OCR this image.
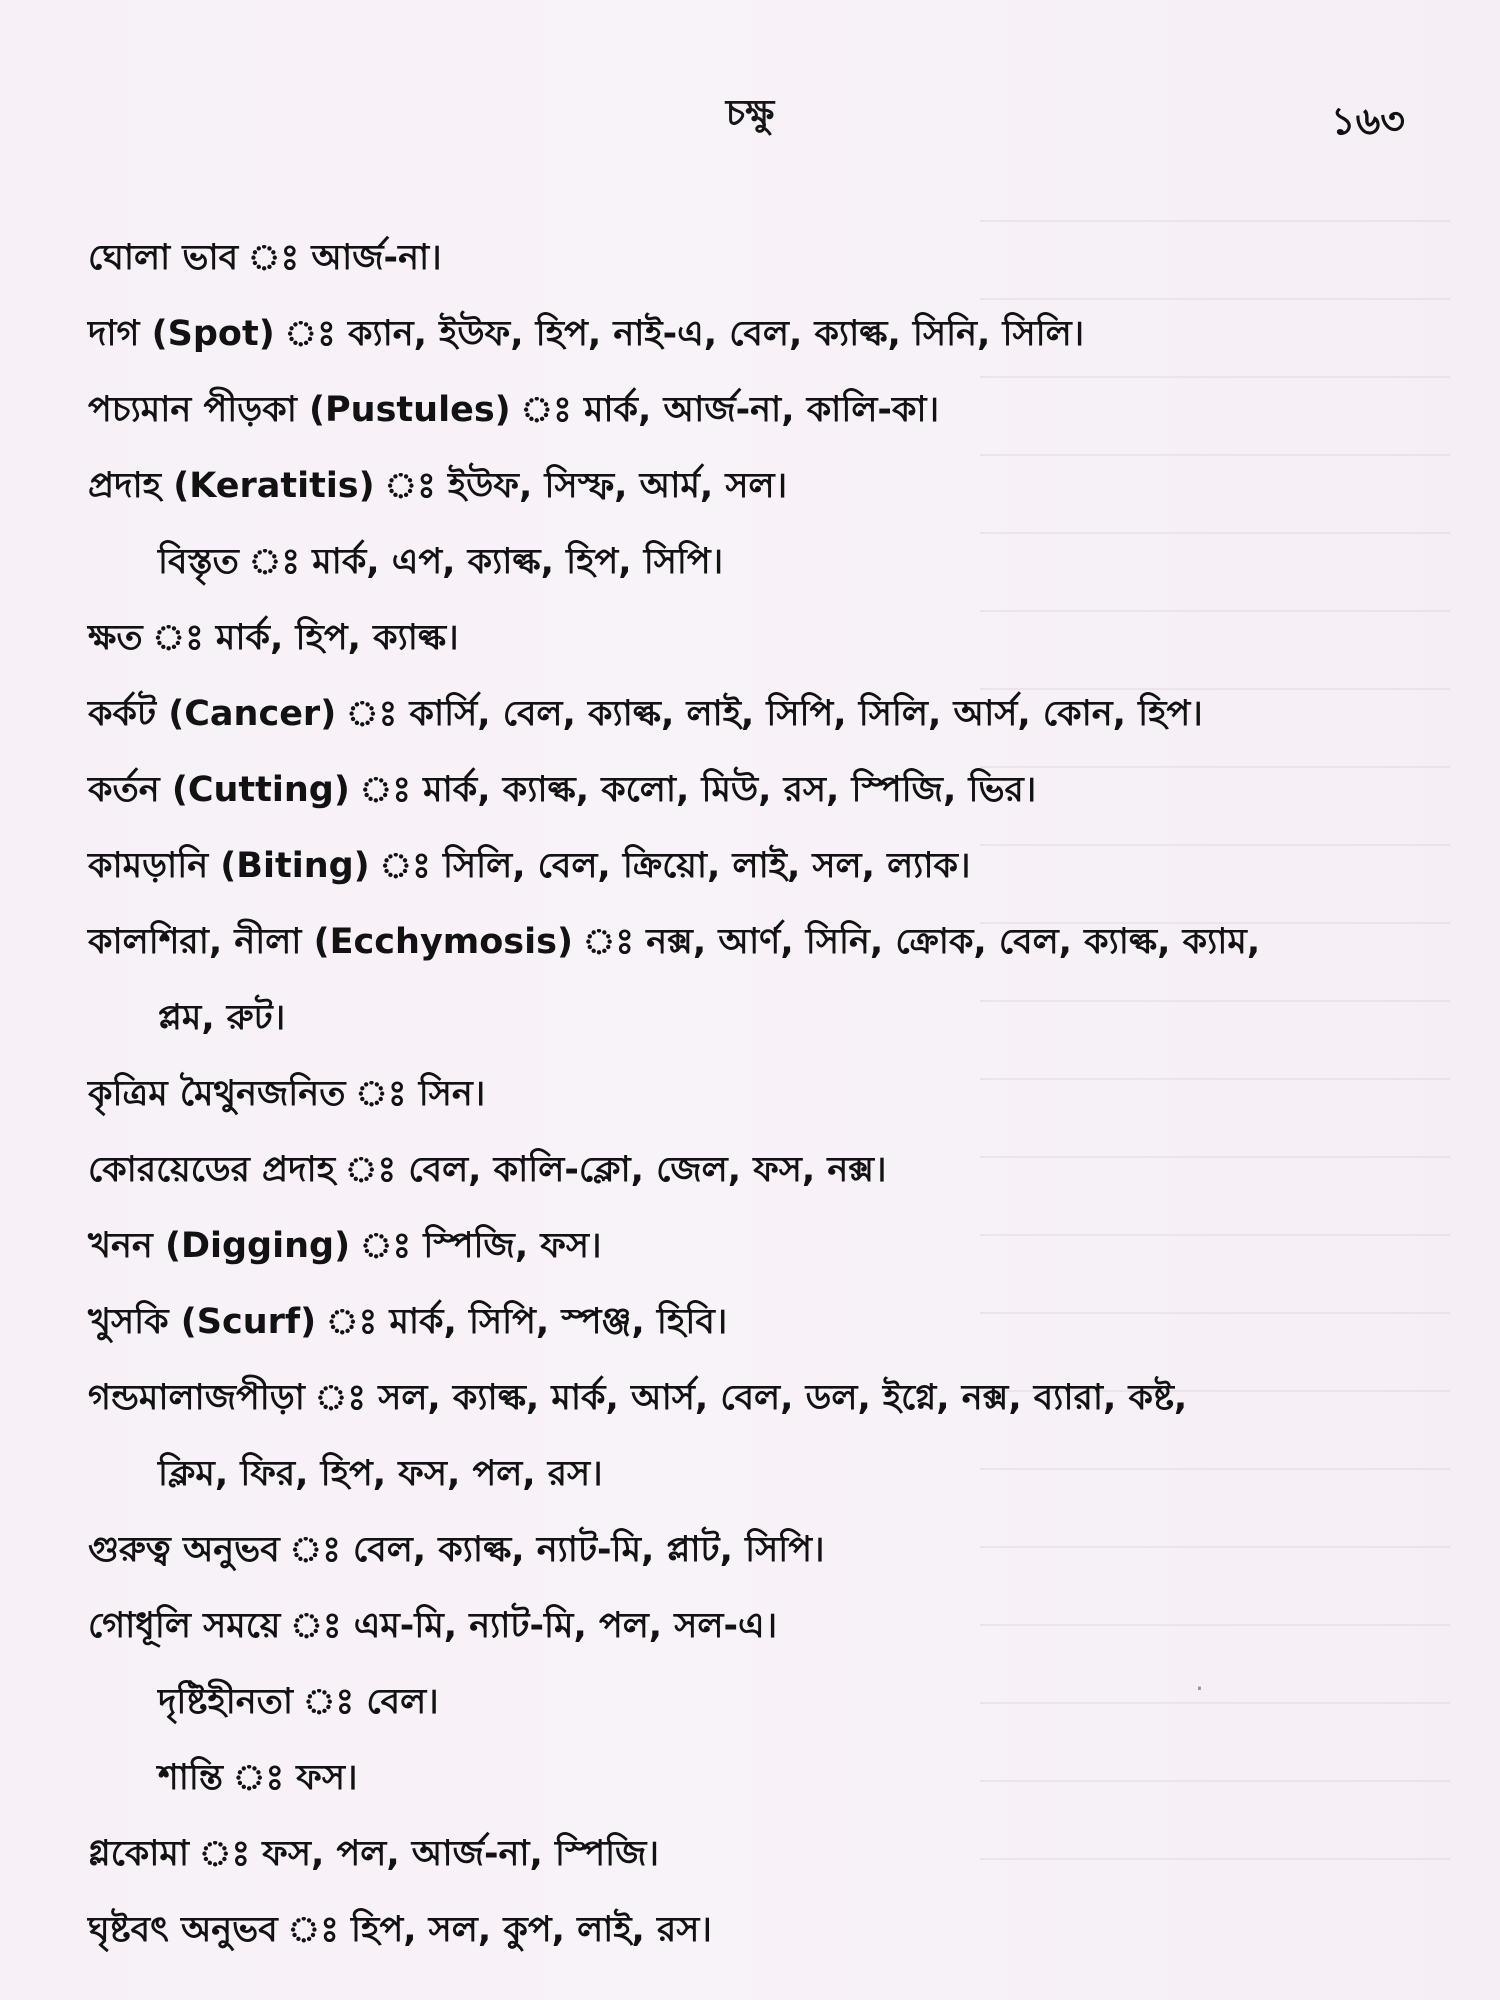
চক্ষু	১৬৩
ঘোলা ভাব ঃ আর্জ-না।
দাগ (Spot) ঃ ক্যান, ইউফ, হিপ, নাই-এ, বেল, ক্যাল্ক, সিনি, সিলি।
পচ্যমান পীড়কা (Pustules) ঃ মার্ক, আর্জ-না, কালি-কা।
প্রদাহ (Keratitis) ঃ ইউফ, সিস্ফ, আর্ম, সল।
বিস্তৃত ঃ মার্ক, এপ, ক্যাল্ক, হিপ, সিপি।
ক্ষত ঃ মার্ক, হিপ, ক্যাল্ক।
কর্কট (Cancer) ঃ কার্সি, বেল, ক্যাল্ক, লাই, সিপি, সিলি, আর্স, কোন, হিপ।
কর্তন (Cutting) ঃ মার্ক, ক্যাল্ক, কলো, মিউ, রস, স্পিজি, ভির।
কামড়ানি (Biting) ঃ সিলি, বেল, ক্রিয়ো, লাই, সল, ল্যাক।
কালশিরা, নীলা (Ecchymosis) ঃ নক্স, আর্ণ, সিনি, ক্রোক, বেল, ক্যাল্ক, ক্যাম,
প্লম, রুট।
কৃত্রিম মৈথুনজনিত ঃ সিন।
কোরয়েডের প্রদাহ ঃ বেল, কালি-ক্লো, জেল, ফস, নক্স।
খনন (Digging) ঃ স্পিজি, ফস।
খুসকি (Scurf) ঃ মার্ক, সিপি, স্পঞ্জ, হিবি।
গন্ডমালাজপীড়া ঃ সল, ক্যাল্ক, মার্ক, আর্স, বেল, ডল, ইগ্নে, নক্স, ব্যারা, কষ্ট,
ক্লিম, ফির, হিপ, ফস, পল, রস।
গুরুত্ব অনুভব ঃ বেল, ক্যাল্ক, ন্যাট-মি, প্লাট, সিপি।
গোধূলি সময়ে ঃ এম-মি, ন্যাট-মি, পল, সল-এ।
দৃষ্টিহীনতা ঃ বেল।
শান্তি ঃ ফস।
গ্লকোমা ঃ ফস, পল, আর্জ-না, স্পিজি।
ঘৃষ্টবৎ অনুভব ঃ হিপ, সল, কুপ, লাই, রস।
·
